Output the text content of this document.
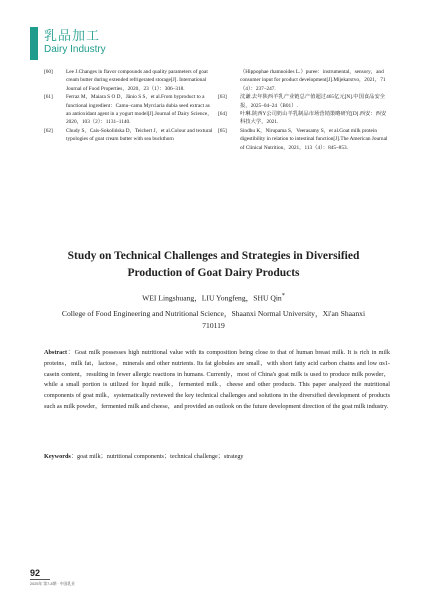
乳品加工
Dairy Industry

[60] Lee J.Changes in flavor compounds and quality parameters of goat cream butter during extended refrigerated storage[J]. International Journal of Food Properties，2020，23（1）：306–318.

[61] Ferraz M，Maiara S O D，Jânio S S，et al.From byproduct to a functional ingredient：Camu–camu Myrciaria dubia seed extract as an antioxidant agent in a yogurt model[J].Journal of Dairy Science，2020，103（2）：1131–1140.

[62] Chudy S，Cais-Sokolińska D，Teichert J，et al.Colour and textural typologies of goat cream butter with sea buckthorn

（Hippophae rhamnoides L.）puree：instrumental，sensory，and consumer input for product development[J].Mljekarstvo，2021，71（4）：237–247.

[63] 沈谦.去年陕西羊乳产业链总产值超过465亿元[N].中国食品安全报，2025–04–24（B01）.

[64] 叶琳.陕西Y公司奶山羊乳制品市场营销策略研究[D].西安：西安科技大学，2021.

[65] Sindhu K，Nirupama S，Veerasamy S，et al.Goat milk protein digestibility in relation to intestinal function[J].The American Journal of Clinical Nutrition，2021，113（4）：845–853.

Study on Technical Challenges and Strategies in Diversified
Production of Goat Dairy Products
WEI Lingshuang，LIU Yongfeng，SHU Qin*
College of Food Engineering and Nutritional Science，Shaanxi Normal University，Xi'an Shaanxi
710119
Abstract：Goat milk possesses high nutritional value with its composition being close to that of human breast milk. It is rich in milk proteins，milk fat，lactose，minerals and other nutrients. Its fat globules are small，with short fatty acid carbon chains and low αs1-casein content，resulting in fewer allergic reactions in humans. Currently，most of China's goat milk is used to produce milk powder，while a small portion is utilized for liquid milk，fermented milk，cheese and other products. This paper analyzed the nutritional components of goat milk，systematically reviewed the key technical challenges and solutions in the diversified development of products such as milk powder，fermented milk and cheese，and provided an outlook on the future development direction of the goat milk industry.
Keywords：goat milk；nutritional components；technical challenge；strategy
92
2025年 第7-8期 · 中国乳业
